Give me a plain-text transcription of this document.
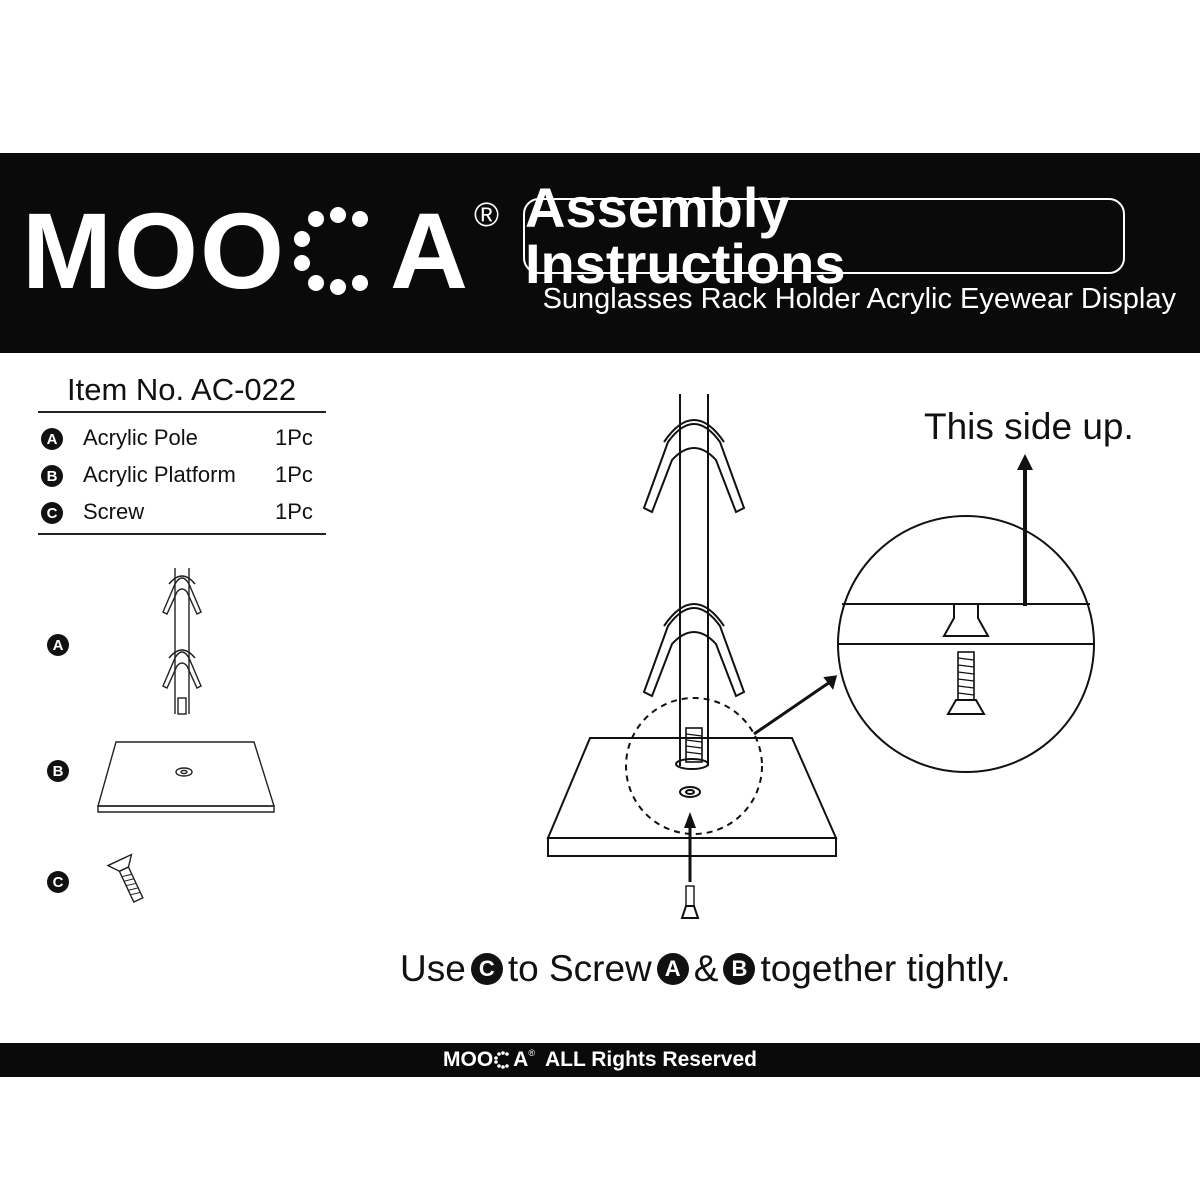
MOO A ® Assembly Instructions
Sunglasses Rack Holder Acrylic Eyewear Display
Item No. AC-022
A Acrylic Pole	1Pc
B Acrylic Platform 1Pc
C Screw	1Pc
A
B
C
This side up.
Use C to Screw A & B together tightly.
MOO A ® ALL Rights Reserved
